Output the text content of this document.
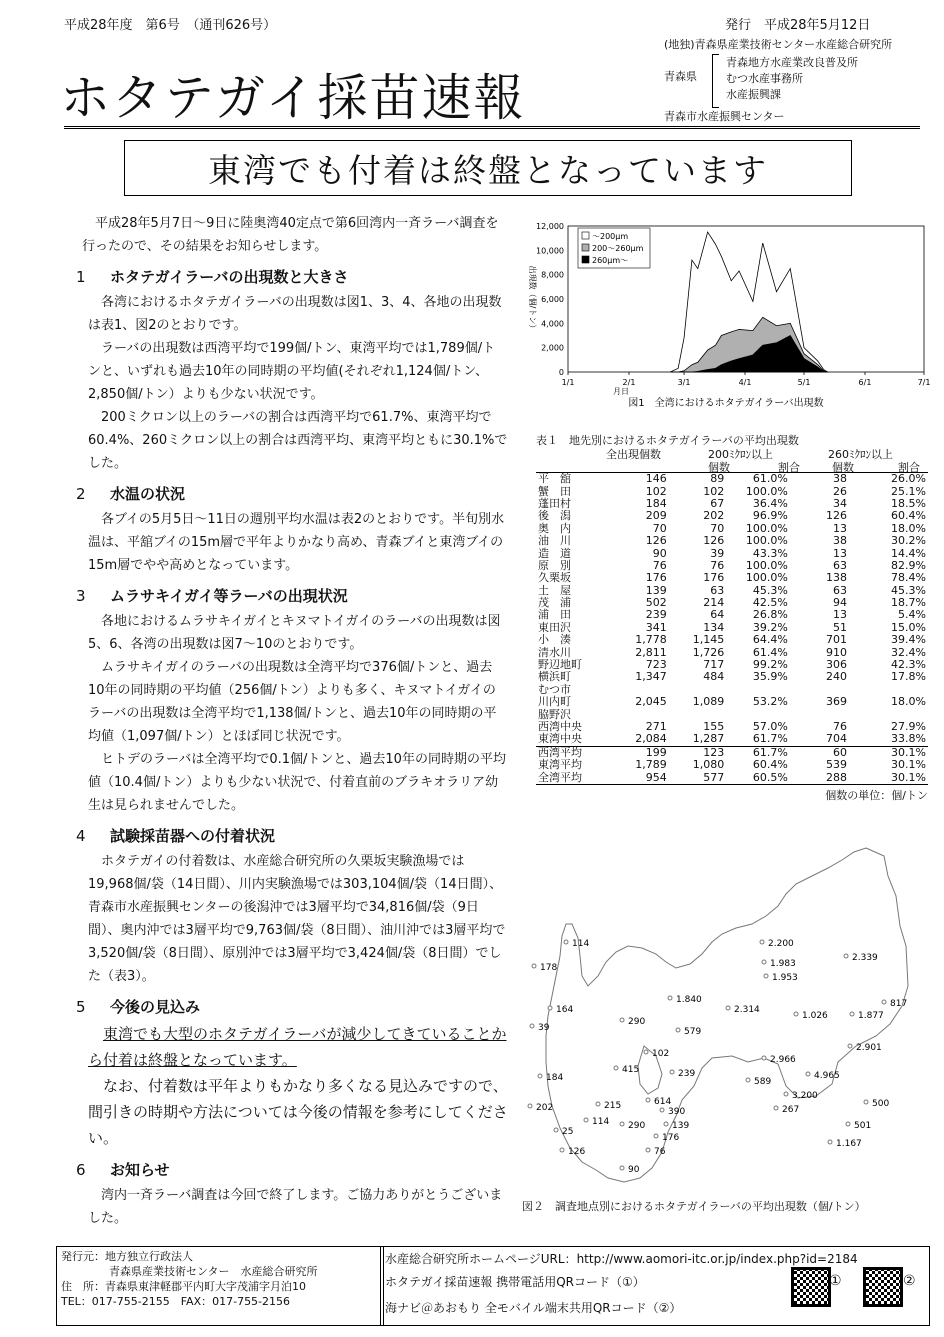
平成28年度　第6号　（通刊626号）	発行　平成28年5月12日
(地独)青森県産業技術センター水産総合研究所
青森県
青森地方水産業改良普及所
むつ水産事務所
水産振興課
青森市水産振興センター
ホタテガイ採苗速報
東湾でも付着は終盤となっています

平成28年5月7日～9日に陸奥湾40定点で第6回湾内一斉ラーバ調査を行ったので、その結果をお知らせします。

1 ホタテガイラーバの出現数と大きさ

各湾におけるホタテガイラーバの出現数は図1、3、4、各地の出現数は表1、図2のとおりです。

ラーバの出現数は西湾平均で199個/トン、東湾平均では1,789個/トンと、いずれも過去10年の同時期の平均値(それぞれ1,124個/トン、2,850個/トン）よりも少ない状況です。

200ミクロン以上のラーバの割合は西湾平均で61.7%、東湾平均で60.4%、260ミクロン以上の割合は西湾平均、東湾平均ともに30.1%でした。

2 水温の状況

各ブイの5月5日～11日の週別平均水温は表2のとおりです。半旬別水温は、平舘ブイの15m層で平年よりかなり高め、青森ブイと東湾ブイの15m層でやや高めとなっています。

3 ムラサキイガイ等ラーバの出現状況

各地におけるムラサキイガイとキヌマトイガイのラーバの出現数は図5、6、各湾の出現数は図7～10のとおりです。

ムラサキイガイのラーバの出現数は全湾平均で376個/トンと、過去10年の同時期の平均値（256個/トン）よりも多く、キヌマトイガイのラーバの出現数は全湾平均で1,138個/トンと、過去10年の同時期の平均値（1,097個/トン）とほぼ同じ状況です。

ヒトデのラーバは全湾平均で0.1個/トンと、過去10年の同時期の平均値（10.4個/トン）よりも少ない状況で、付着直前のブラキオラリア幼生は見られませんでした。

4 試験採苗器への付着状況

ホタテガイの付着数は、水産総合研究所の久栗坂実験漁場では19,968個/袋（14日間）、川内実験漁場では303,104個/袋（14日間）、青森市水産振興センターの後潟沖では3層平均で34,816個/袋（9日間）、奥内沖では3層平均で9,763個/袋（8日間）、油川沖では3層平均で3,520個/袋（8日間）、原別沖では3層平均で3,424個/袋（8日間）でした（表3）。

5 今後の見込み

東湾でも大型のホタテガイラーバが減少してきていることから付着は終盤となっています。

なお、付着数は平年よりもかなり多くなる見込みですので、間引きの時期や方法については今後の情報を参考にしてください。

6 お知らせ

湾内一斉ラーバ調査は今回で終了します。ご協力ありがとうございました。

0
2,000
4,000
6,000
8,000
10,000
12,000
1/1	2/1	3/1	4/1	5/1	6/1	7/1
月日
出現数（個/トン）
～200μm
200～260μm
260μm～
図1　全湾におけるホタテガイラーバ出現数
表１　地先別におけるホタテガイラーバの平均出現数
全出現個数	200ﾐｸﾛﾝ以上	260ﾐｸﾛﾝ以上
個数	割合	個数	割合
平　舘	146	89	61.0%	38	26.0%
蟹　田	102	102	100.0%	26	25.1%
蓬田村	184	67	36.4%	34	18.5%
後　潟	209	202	96.9%	126	60.4%
奥　内	70	70	100.0%	13	18.0%
油　川	126	126	100.0%	38	30.2%
造　道	90	39	43.3%	13	14.4%
原　別	76	76	100.0%	63	82.9%
久栗坂	176	176	100.0%	138	78.4%
土　屋	139	63	45.3%	63	45.3%
茂　浦	502	214	42.5%	94	18.7%
浦　田	239	64	26.8%	13	5.4%
東田沢	341	134	39.2%	51	15.0%
小　湊	1,778	1,145	64.4%	701	39.4%
清水川	2,811	1,726	61.4%	910	32.4%
野辺地町	723	717	99.2%	306	42.3%
横浜町	1,347	484	35.9%	240	17.8%
むつ市					
川内町	2,045	1,089	53.2%	369	18.0%
脇野沢					
西湾中央	271	155	57.0%	76	27.9%
東湾中央	2,084	1,287	61.7%	704	33.8%
西湾平均	199	123	61.7%	60	30.1%
東湾平均	1,789	1,080	60.4%	539	30.1%
全湾平均	954	577	60.5%	288	30.1%
個数の単位：個/トン
114
178
164
39
290
184
202	215
25
114
126
415
102
614
390
290	139
176
76
90
239
579
1.840
2.314
2.200
1.983
1.953
2.339
817
1.026	1.877
2.901
2.966
589
4.965
3.200
267
500
501
1.167
図２　調査地点別におけるホタテガイラーバの平均出現数（個/トン）
発行元：地方独立行政法人
青森県産業技術センター　水産総合研究所
住　所：青森県東津軽郡平内町大字茂浦字月泊10
TEL：017-755-2155　FAX：017-755-2156
水産総合研究所ホームページURL：http://www.aomori-itc.or.jp/index.php?id=2184
ホタテガイ採苗速報 携帯電話用QRコード（①）
海ナビ＠あおもり 全モバイル端末共用QRコード（②）
①	②
